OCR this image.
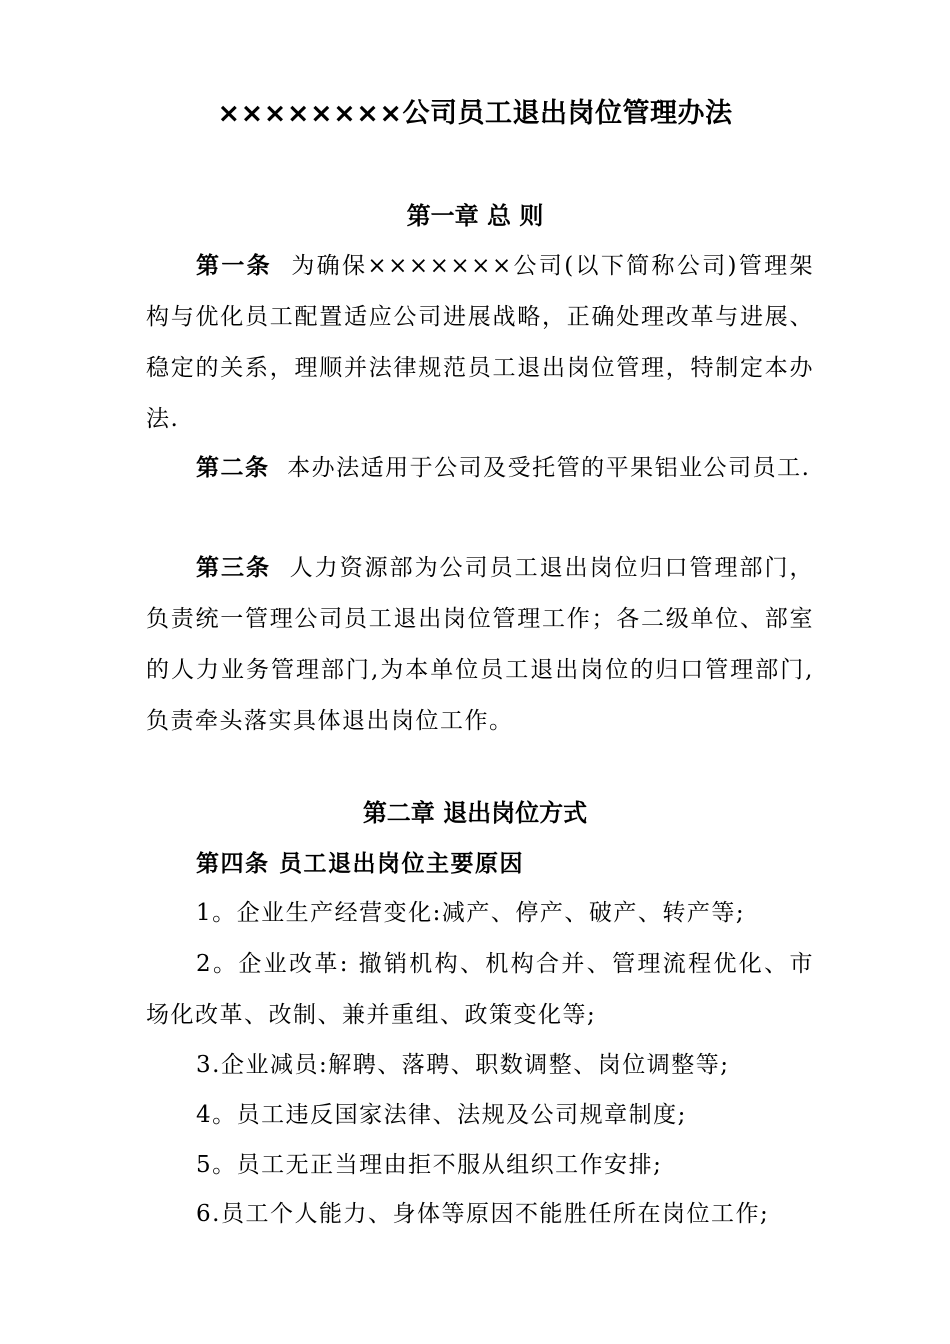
××××××××公司员工退出岗位管理办法
第一章 总 则
第一条 为确保×××××××公司(以下简称公司)管理架构与优化员工配置适应公司进展战略，正确处理改革与进展、稳定的关系，理顺并法律规范员工退出岗位管理，特制定本办法.
第二条 本办法适用于公司及受托管的平果铝业公司员工.
第三条 人力资源部为公司员工退出岗位归口管理部门，负责统一管理公司员工退出岗位管理工作；各二级单位、部室的人力业务管理部门,为本单位员工退出岗位的归口管理部门,负责牵头落实具体退出岗位工作。
第二章 退出岗位方式
第四条 员工退出岗位主要原因
1。企业生产经营变化:减产、停产、破产、转产等;
2。企业改革: 撤销机构、机构合并、管理流程优化、市场化改革、改制、兼并重组、政策变化等;
3.企业减员:解聘、落聘、职数调整、岗位调整等;
4。员工违反国家法律、法规及公司规章制度;
5。员工无正当理由拒不服从组织工作安排;
6.员工个人能力、身体等原因不能胜任所在岗位工作;
